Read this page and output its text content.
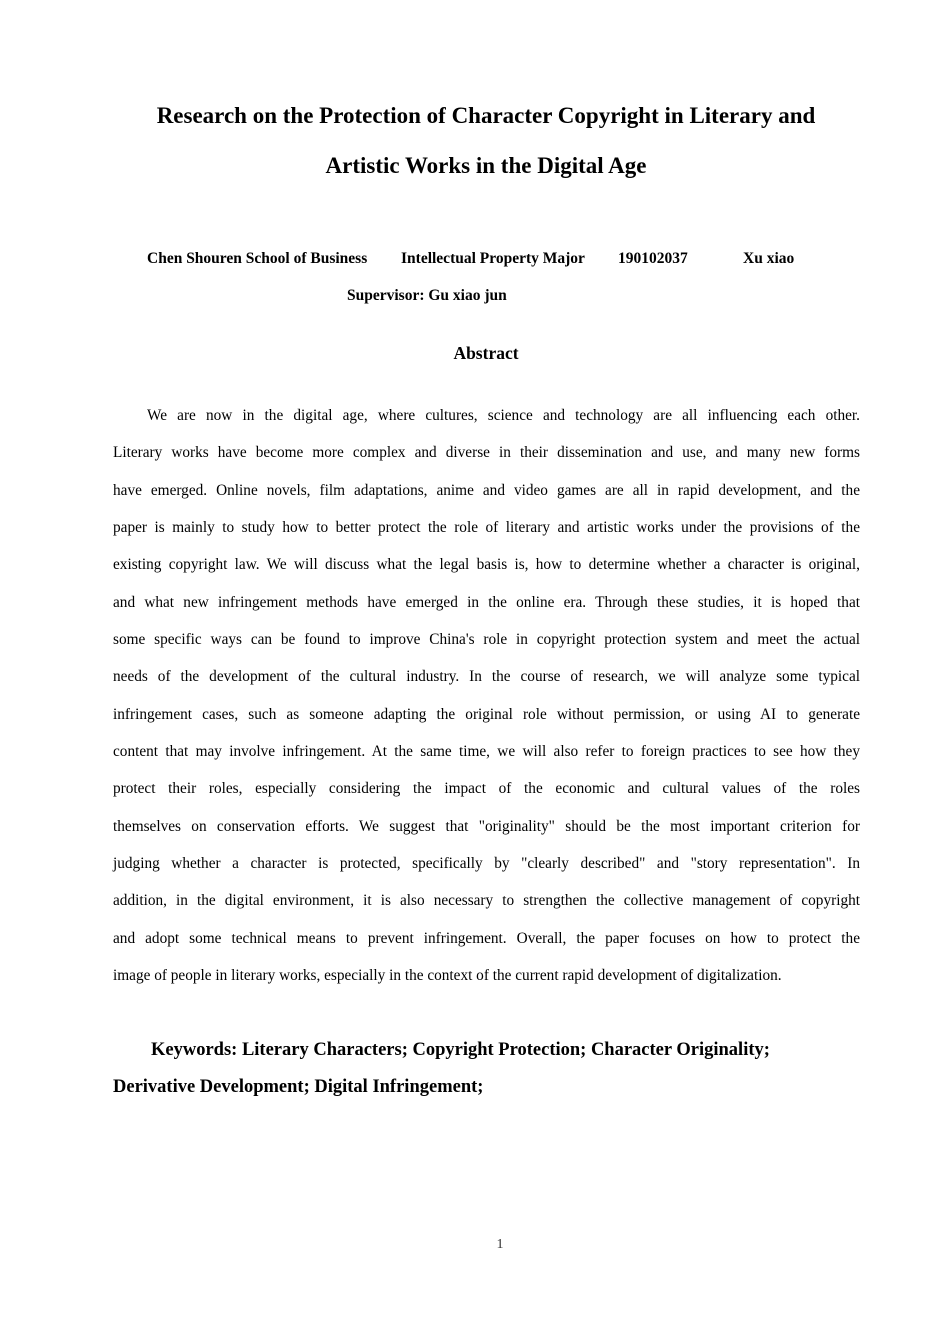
Research on the Protection of Character Copyright in Literary and
Artistic Works in the Digital Age
Chen Shouren School of Business Intellectual Property Major 190102037	Xu xiao
Supervisor: Gu xiao jun
Abstract
We are now in the digital age, where cultures, science and technology are all influencing each other.
Literary works have become more complex and diverse in their dissemination and use, and many new forms
have emerged. Online novels, film adaptations, anime and video games are all in rapid development, and the
paper is mainly to study how to better protect the role of literary and artistic works under the provisions of the
existing copyright law. We will discuss what the legal basis is, how to determine whether a character is original,
and what new infringement methods have emerged in the online era. Through these studies, it is hoped that
some specific ways can be found to improve China's role in copyright protection system and meet the actual
needs of the development of the cultural industry. In the course of research, we will analyze some typical
infringement cases, such as someone adapting the original role without permission, or using AI to generate
content that may involve infringement. At the same time, we will also refer to foreign practices to see how they
protect their roles, especially considering the impact of the economic and cultural values of the roles
themselves on conservation efforts. We suggest that "originality" should be the most important criterion for
judging whether a character is protected, specifically by "clearly described" and "story representation". In
addition, in the digital environment, it is also necessary to strengthen the collective management of copyright
and adopt some technical means to prevent infringement. Overall, the paper focuses on how to protect the
image of people in literary works, especially in the context of the current rapid development of digitalization.
Keywords: Literary Characters; Copyright Protection; Character Originality;
Derivative Development; Digital Infringement;
1
